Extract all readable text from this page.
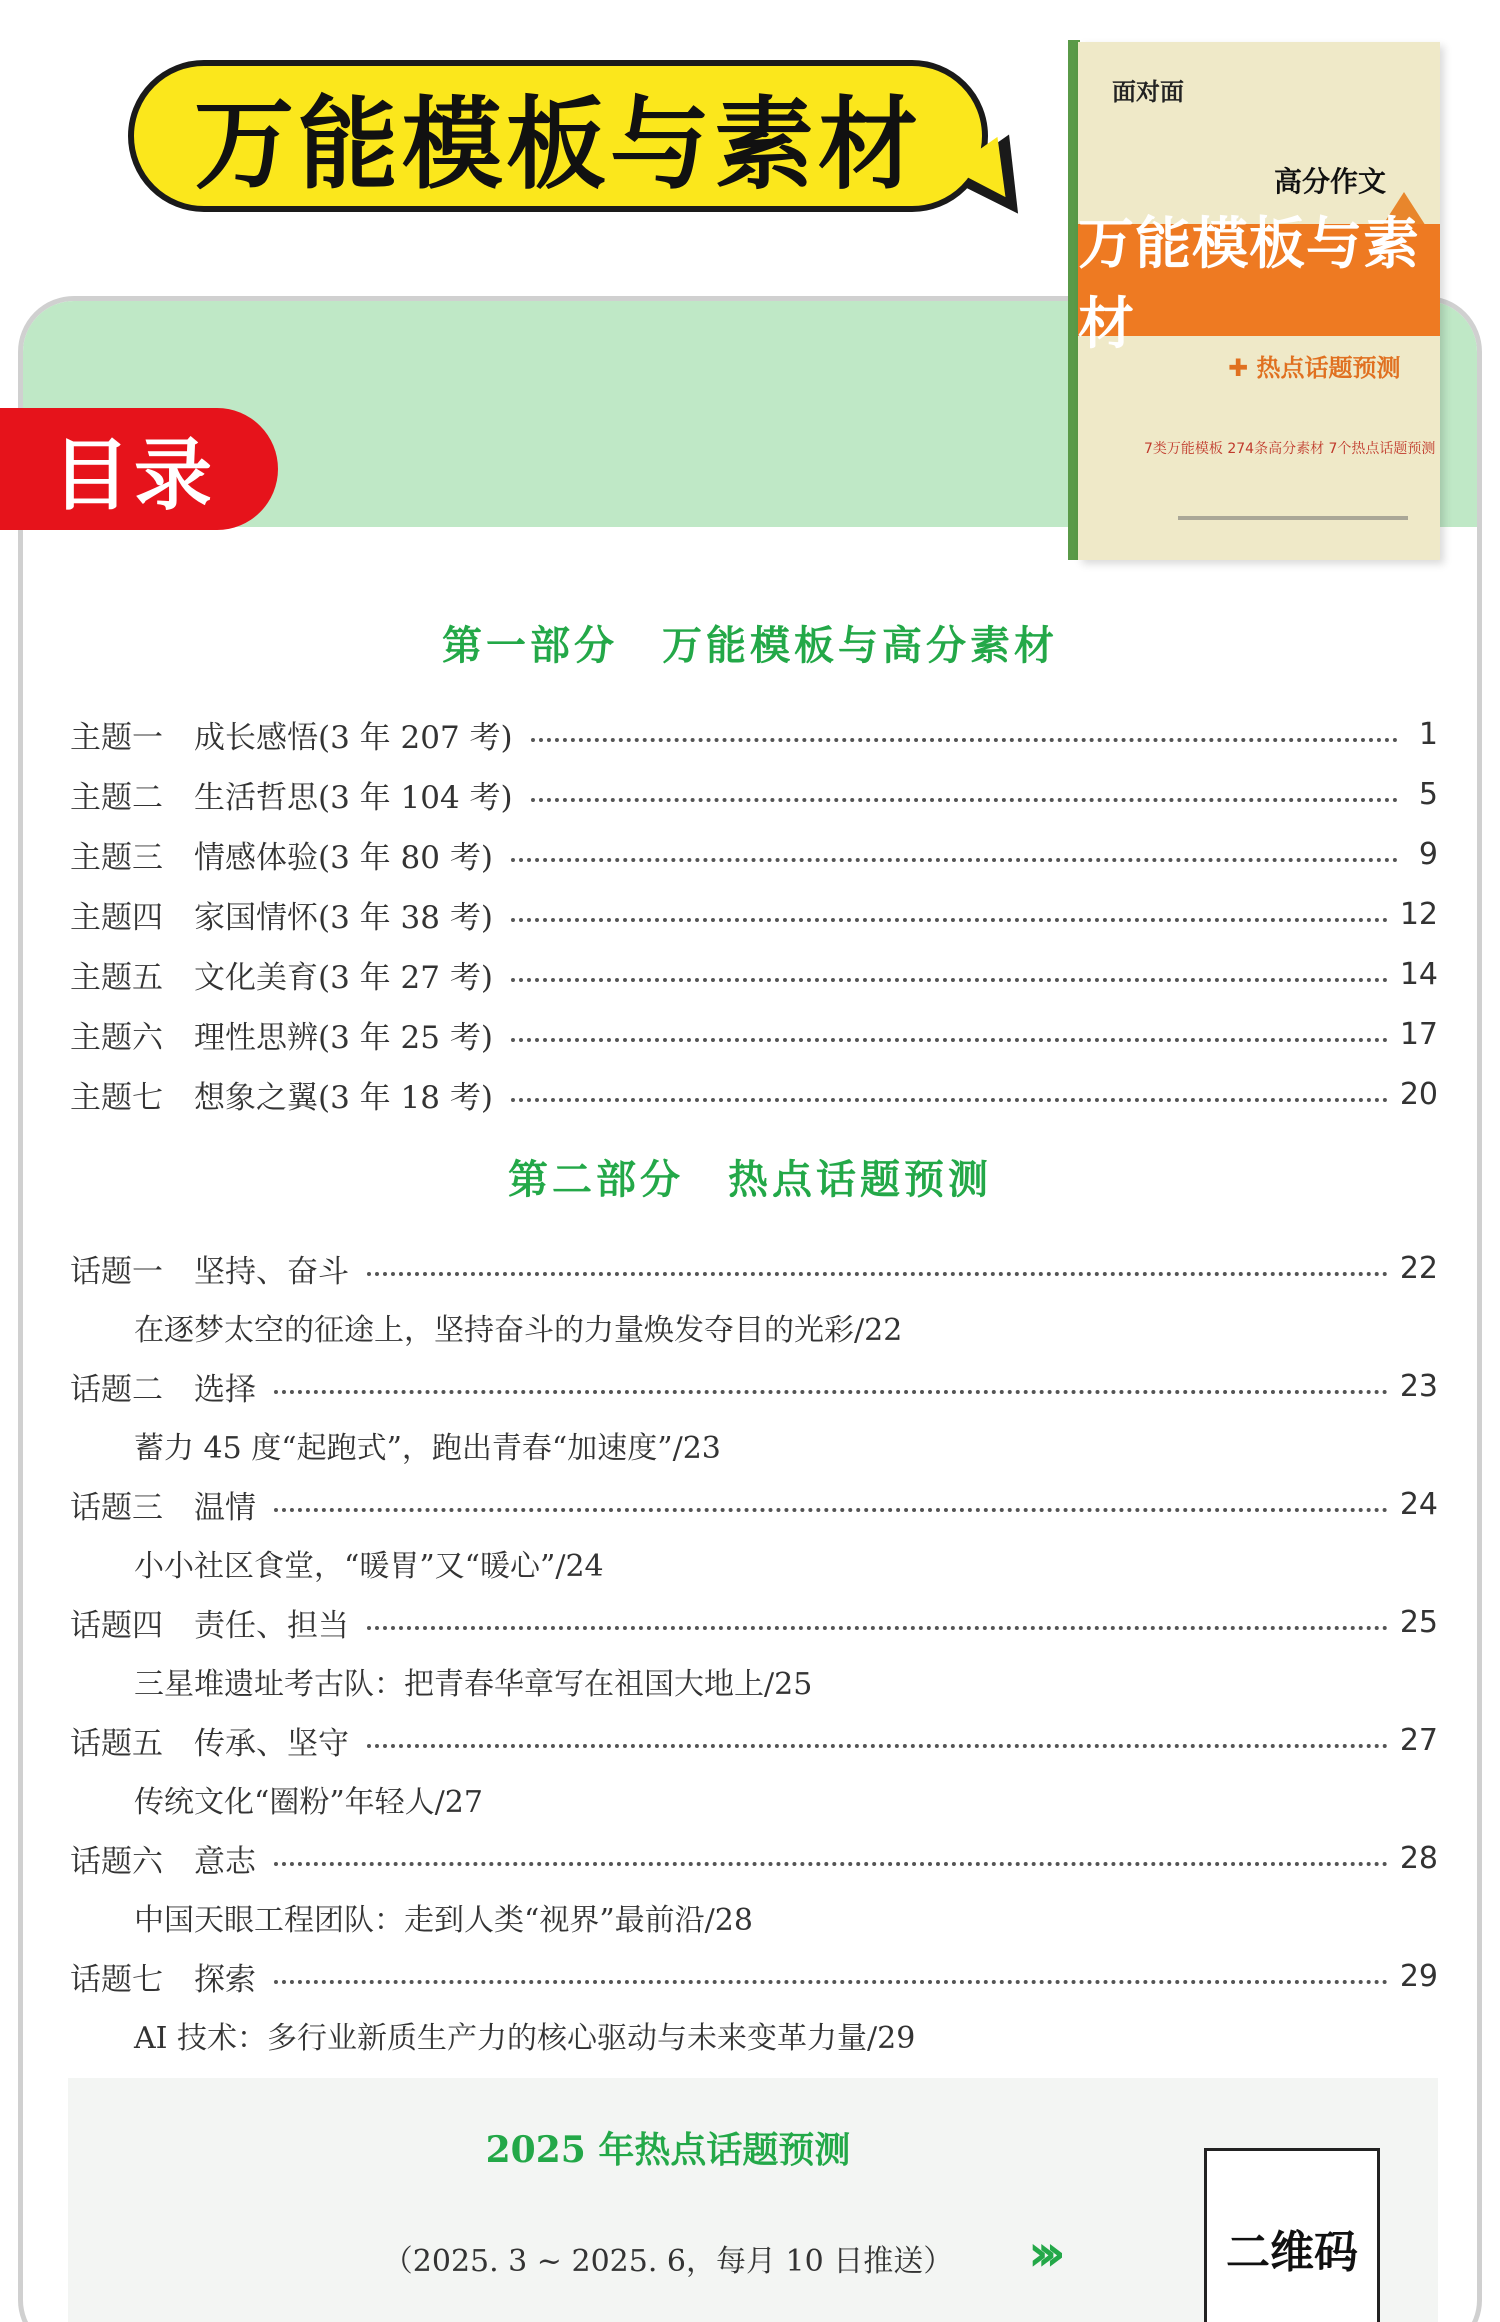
万能模板与素材	面对面
高分作文
万能模板与素材
✚ 热点话题预测
7类万能模板 274条高分素材 7个热点话题预测
目录
第一部分　万能模板与高分素材
主题一　成长感悟(3 年 207 考)	1
主题二　生活哲思(3 年 104 考)	5
主题三　情感体验(3 年 80 考)	9
主题四　家国情怀(3 年 38 考)	12
主题五　文化美育(3 年 27 考)	14
主题六　理性思辨(3 年 25 考)	17
主题七　想象之翼(3 年 18 考)	20
第二部分　热点话题预测
话题一　坚持、奋斗	22
在逐梦太空的征途上，坚持奋斗的力量焕发夺目的光彩/22
话题二　选择	23
蓄力 45 度“起跑式”，跑出青春“加速度”/23
话题三　温情	24
小小社区食堂，“暖胃”又“暖心”/24
话题四　责任、担当	25
三星堆遗址考古队：把青春华章写在祖国大地上/25
话题五　传承、坚守	27
传统文化“圈粉”年轻人/27
话题六　意志	28
中国天眼工程团队：走到人类“视界”最前沿/28
话题七　探索	29
AI 技术：多行业新质生产力的核心驱动与未来变革力量/29
2025 年热点话题预测
（2025. 3 ~ 2025. 6，每月 10 日推送）	›››	二维码
